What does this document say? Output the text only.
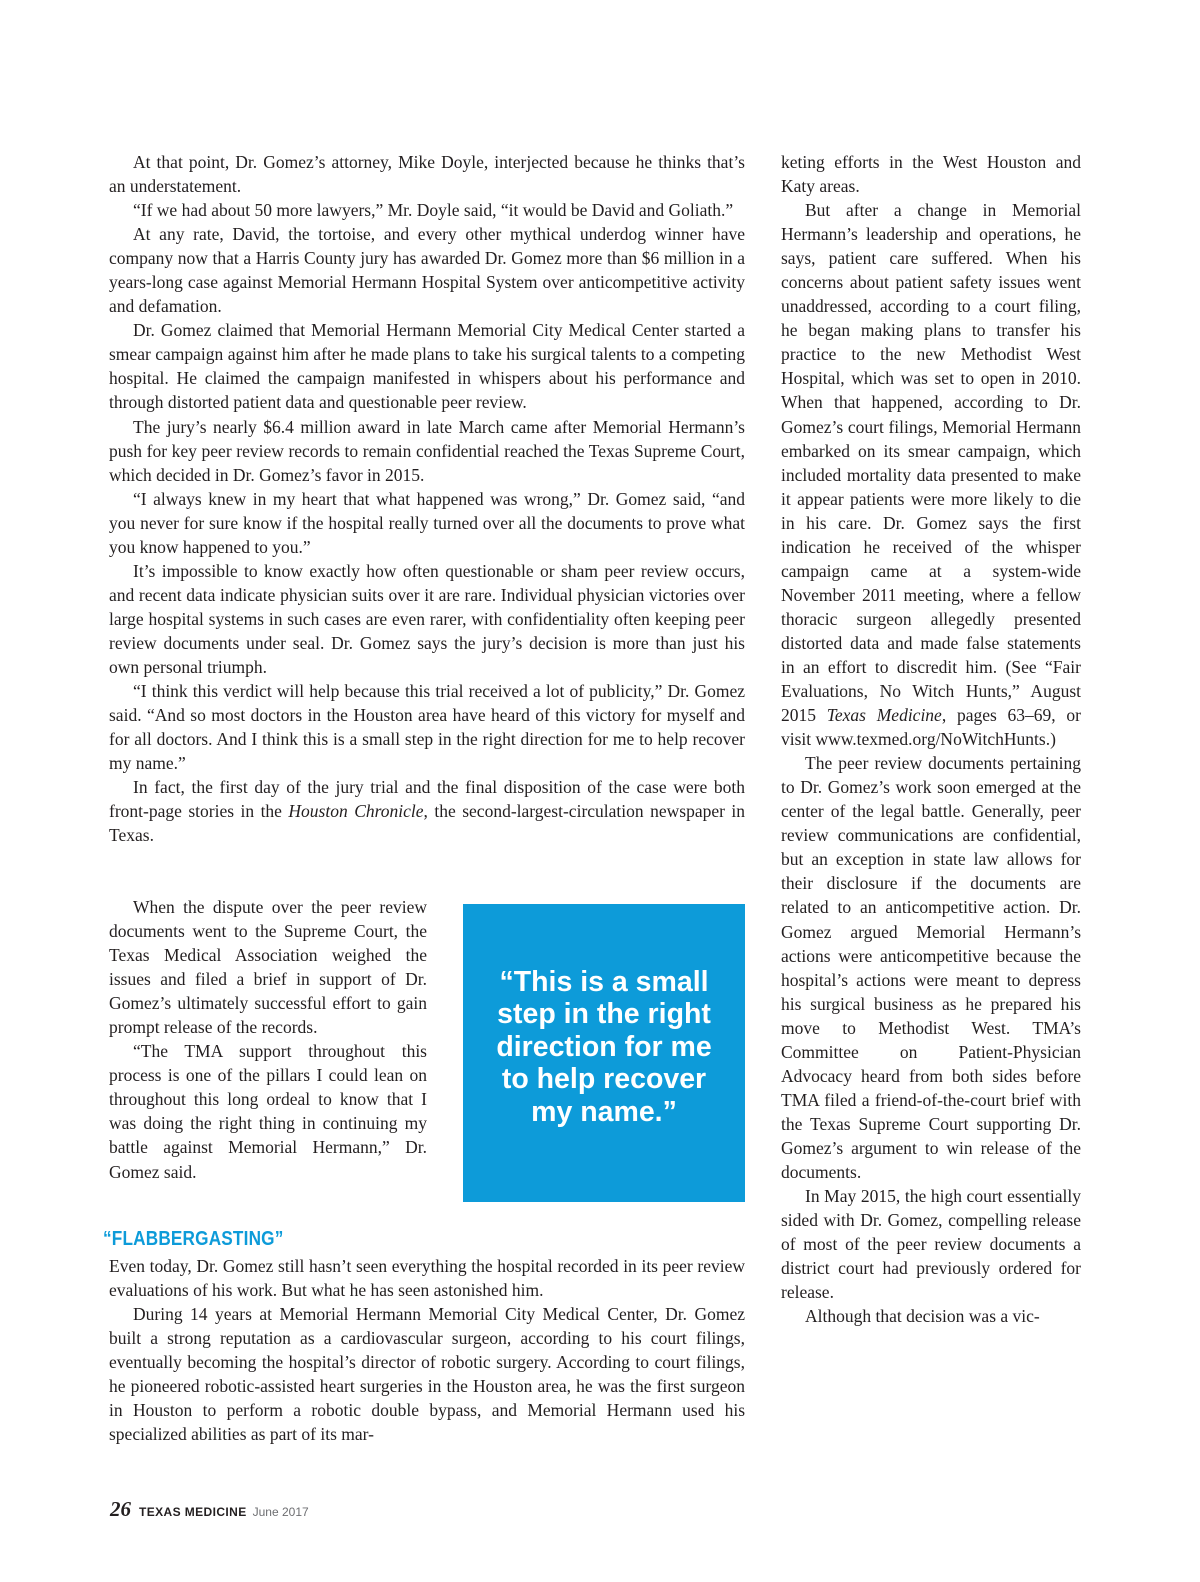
At that point, Dr. Gomez’s attorney, Mike Doyle, interjected because he thinks that’s an understatement.

“If we had about 50 more lawyers,” Mr. Doyle said, “it would be David and Goliath.”

At any rate, David, the tortoise, and every other mythical underdog winner have company now that a Harris County jury has awarded Dr. Gomez more than $6 million in a years-long case against Memorial Hermann Hospital System over anticompetitive activity and defamation.

Dr. Gomez claimed that Memorial Hermann Memorial City Medical Center started a smear campaign against him after he made plans to take his surgical talents to a competing hospital. He claimed the campaign manifested in whispers about his performance and through distorted patient data and questionable peer review.

The jury’s nearly $6.4 million award in late March came after Memorial Hermann’s push for key peer review records to remain confidential reached the Texas Supreme Court, which decided in Dr. Gomez’s favor in 2015.

“I always knew in my heart that what happened was wrong,” Dr. Gomez said, “and you never for sure know if the hospital really turned over all the documents to prove what you know happened to you.”

It’s impossible to know exactly how often questionable or sham peer review occurs, and recent data indicate physician suits over it are rare. Individual physician victories over large hospital systems in such cases are even rarer, with confidentiality often keeping peer review documents under seal. Dr. Gomez says the jury’s decision is more than just his own personal triumph.

“I think this verdict will help because this trial received a lot of publicity,” Dr. Gomez said. “And so most doctors in the Houston area have heard of this victory for myself and for all doctors. And I think this is a small step in the right direction for me to help recover my name.”

In fact, the first day of the jury trial and the final disposition of the case were both front-page stories in the Houston Chronicle, the second-largest-circulation newspaper in Texas.

When the dispute over the peer review documents went to the Supreme Court, the Texas Medical Association weighed the issues and filed a brief in support of Dr. Gomez’s ultimately successful effort to gain prompt release of the records.

“The TMA support throughout this process is one of the pillars I could lean on throughout this long ordeal to know that I was doing the right thing in continuing my battle against Memorial Hermann,” Dr. Gomez said.

“This is a small step in the right direction for me to help recover my name.”
“FLABBERGASTING”

Even today, Dr. Gomez still hasn’t seen everything the hospital recorded in its peer review evaluations of his work. But what he has seen astonished him.

During 14 years at Memorial Hermann Memorial City Medical Center, Dr. Gomez built a strong reputation as a cardiovascular surgeon, according to his court filings, eventually becoming the hospital’s director of robotic surgery. According to court filings, he pioneered robotic-assisted heart surgeries in the Houston area, he was the first surgeon in Houston to perform a robotic double bypass, and Memorial Hermann used his specialized abilities as part of its mar-

keting efforts in the West Houston and Katy areas.

But after a change in Memorial Hermann’s leadership and operations, he says, patient care suffered. When his concerns about patient safety issues went unaddressed, according to a court filing, he began making plans to transfer his practice to the new Methodist West Hospital, which was set to open in 2010. When that happened, according to Dr. Gomez’s court filings, Memorial Hermann embarked on its smear campaign, which included mortality data presented to make it appear patients were more likely to die in his care. Dr. Gomez says the first indication he received of the whisper campaign came at a system-wide November 2011 meeting, where a fellow thoracic surgeon allegedly presented distorted data and made false statements in an effort to discredit him. (See “Fair Evaluations, No Witch Hunts,” August 2015 Texas Medicine, pages 63–69, or visit www.texmed.org/NoWitchHunts.)

The peer review documents pertaining to Dr. Gomez’s work soon emerged at the center of the legal battle. Generally, peer review communications are confidential, but an exception in state law allows for their disclosure if the documents are related to an anticompetitive action. Dr. Gomez argued Memorial Hermann’s actions were anticompetitive because the hospital’s actions were meant to depress his surgical business as he prepared his move to Methodist West. TMA’s Committee on Patient-Physician Advocacy heard from both sides before TMA filed a friend-of-the-court brief with the Texas Supreme Court supporting Dr. Gomez’s argument to win release of the documents.

In May 2015, the high court essentially sided with Dr. Gomez, compelling release of most of the peer review documents a district court had previously ordered for release.

Although that decision was a vic-

26 TEXAS MEDICINE June 2017
